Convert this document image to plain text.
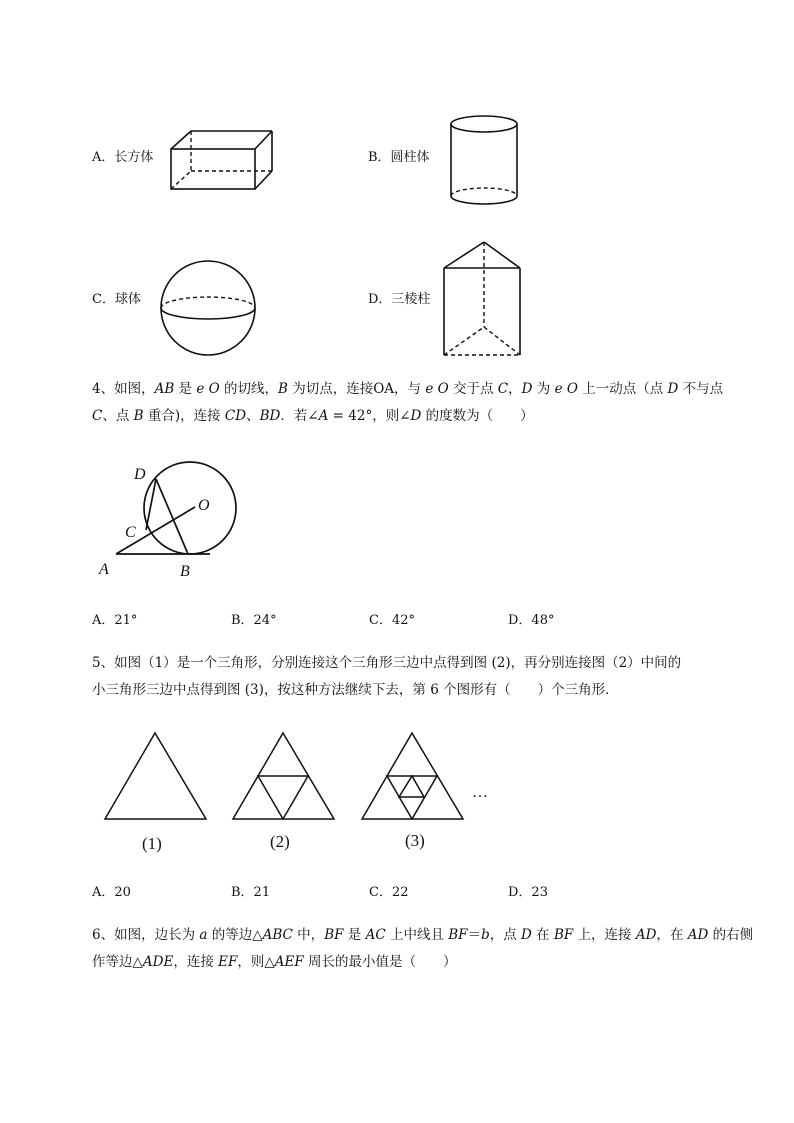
A．长方体	B．圆柱体
C．球体	D．三棱柱
4、如图，AB 是 e O 的切线，B 为切点，连接OA，与 e O 交于点 C，D 为 e O 上一动点（点 D 不与点
C、点 B 重合)，连接 CD、BD．若∠A = 42°，则∠D 的度数为（　　）
D
O
C
A	B
A．21°	B．24°	C．42°	D．48°
5、如图（1）是一个三角形，分别连接这个三角形三边中点得到图 (2)，再分别连接图（2）中间的
小三角形三边中点得到图 (3)，按这种方法继续下去，第 6 个图形有（　　）个三角形．
(1)	(2)	(3)
…
A．20	B．21	C．22	D．23
6、如图，边长为 a 的等边△ABC 中，BF 是 AC 上中线且 BF＝b，点 D 在 BF 上，连接 AD，在 AD 的右侧
作等边△ADE，连接 EF，则△AEF 周长的最小值是（　　）
